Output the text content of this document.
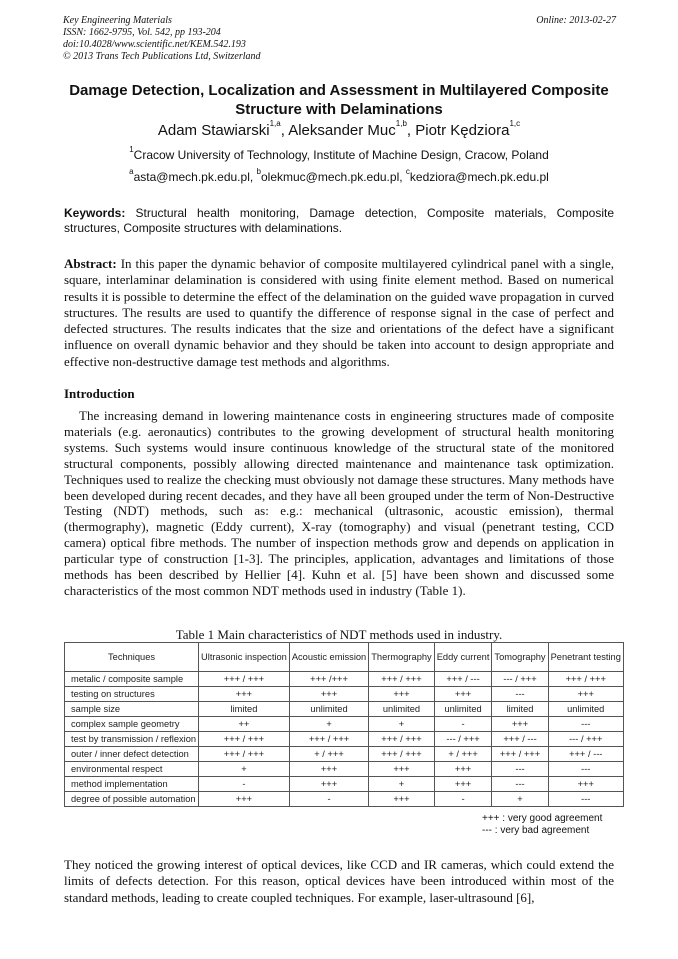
Key Engineering Materials
ISSN: 1662-9795, Vol. 542, pp 193-204
doi:10.4028/www.scientific.net/KEM.542.193
© 2013 Trans Tech Publications Ltd, Switzerland
Online: 2013-02-27
Damage Detection, Localization and Assessment in Multilayered Composite Structure with Delaminations
Adam Stawiarski$^{1,a}$, Aleksander Muc$^{1,b}$, Piotr Kędziora$^{1,c}$
$^1$Cracow University of Technology, Institute of Machine Design, Cracow, Poland
$^a$asta@mech.pk.edu.pl, $^b$olekmuc@mech.pk.edu.pl, $^c$kedziora@mech.pk.edu.pl
Keywords: Structural health monitoring, Damage detection, Composite materials, Composite structures, Composite structures with delaminations.
Abstract: In this paper the dynamic behavior of composite multilayered cylindrical panel with a single, square, interlaminar delamination is considered with using finite element method. Based on numerical results it is possible to determine the effect of the delamination on the guided wave propagation in curved structures. The results are used to quantify the difference of response signal in the case of perfect and defected structures. The results indicates that the size and orientations of the defect have a significant influence on overall dynamic behavior and they should be taken into account to design appropriate and effective non-destructive damage test methods and algorithms.
Introduction

The increasing demand in lowering maintenance costs in engineering structures made of composite materials (e.g. aeronautics) contributes to the growing development of structural health monitoring systems. Such systems would insure continuous knowledge of the structural state of the monitored structural components, possibly allowing directed maintenance and maintenance task optimization. Techniques used to realize the checking must obviously not damage these structures. Many methods have been developed during recent decades, and they have all been grouped under the term of Non-Destructive Testing (NDT) methods, such as: e.g.: mechanical (ultrasonic, acoustic emission), thermal (thermography), magnetic (Eddy current), X-ray (tomography) and visual (penetrant testing, CCD camera) optical fibre methods. The number of inspection methods grow and depends on application in particular type of construction [1-3]. The principles, application, advantages and limitations of those methods has been described by Hellier [4]. Kuhn et al. [5] have been shown and discussed some characteristics of the most common NDT methods used in industry (Table 1).

Table 1 Main characteristics of NDT methods used in industry.
Techniques	Ultrasonic inspection	Acoustic emission	Thermography	Eddy current	Tomography	Penetrant testing
metalic / composite sample	+++ / +++	+++ /+++	+++ / +++	+++ / ---	--- / +++	+++ / +++
testing on structures	+++	+++	+++	+++	---	+++
sample size	limited	unlimited	unlimited	unlimited	limited	unlimited
complex sample geometry	++	+	+	-	+++	---
test by transmission / reflexion	+++ / +++	+++ / +++	+++ / +++	--- / +++	+++ / ---	--- / +++
outer / inner defect detection	+++ / +++	+ / +++	+++ / +++	+ / +++	+++ / +++	+++ / ---
environmental respect	+	+++	+++	+++	---	---
method implementation	-	+++	+	+++	---	+++
degree of possible automation	+++	-	+++	-	+	---
+++ : very good agreement
--- : very bad agreement

They noticed the growing interest of optical devices, like CCD and IR cameras, which could extend the limits of defects detection. For this reason, optical devices have been introduced within most of the standard methods, leading to create coupled techniques. For example, laser-ultrasound [6],
